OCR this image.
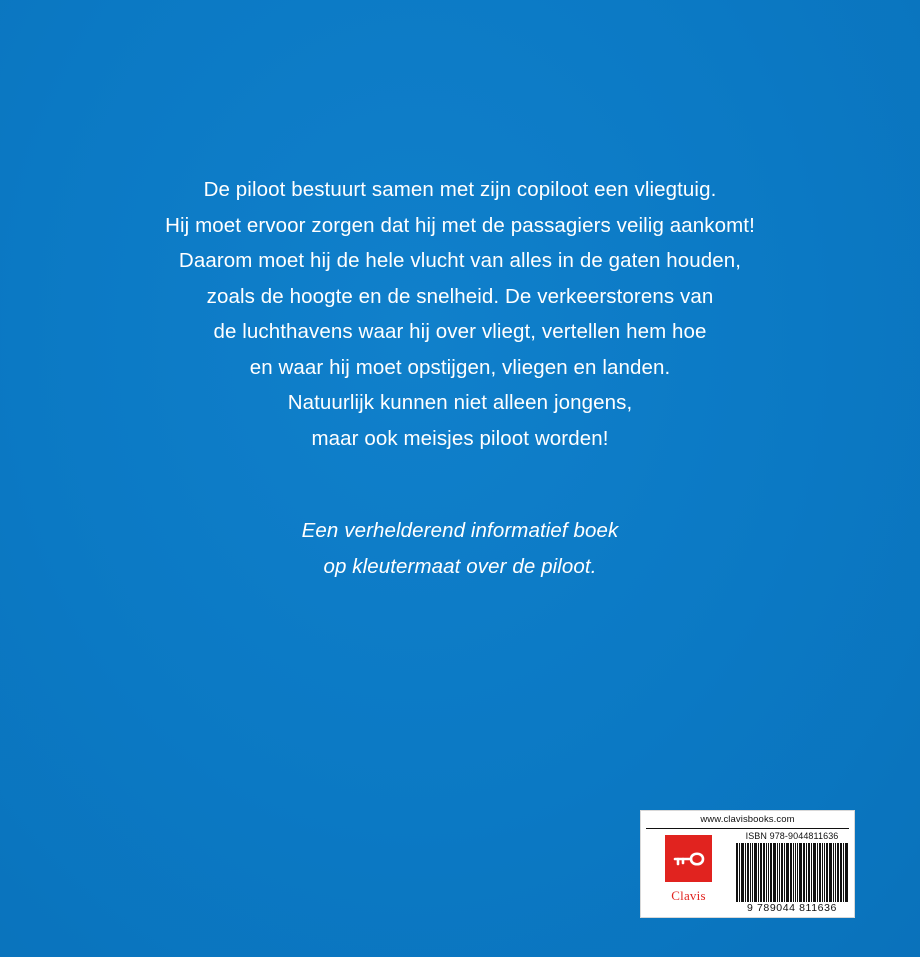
De piloot bestuurt samen met zijn copiloot een vliegtuig.

Hij moet ervoor zorgen dat hij met de passagiers veilig aankomt!

Daarom moet hij de hele vlucht van alles in de gaten houden,

zoals de hoogte en de snelheid. De verkeerstorens van

de luchthavens waar hij over vliegt, vertellen hem hoe

en waar hij moet opstijgen, vliegen en landen.

Natuurlijk kunnen niet alleen jongens,

maar ook meisjes piloot worden!

Een verhelderend informatief boek

op kleutermaat over de piloot.

www.clavisbooks.com
Clavis
ISBN 978-9044811636
9 789044 811636
